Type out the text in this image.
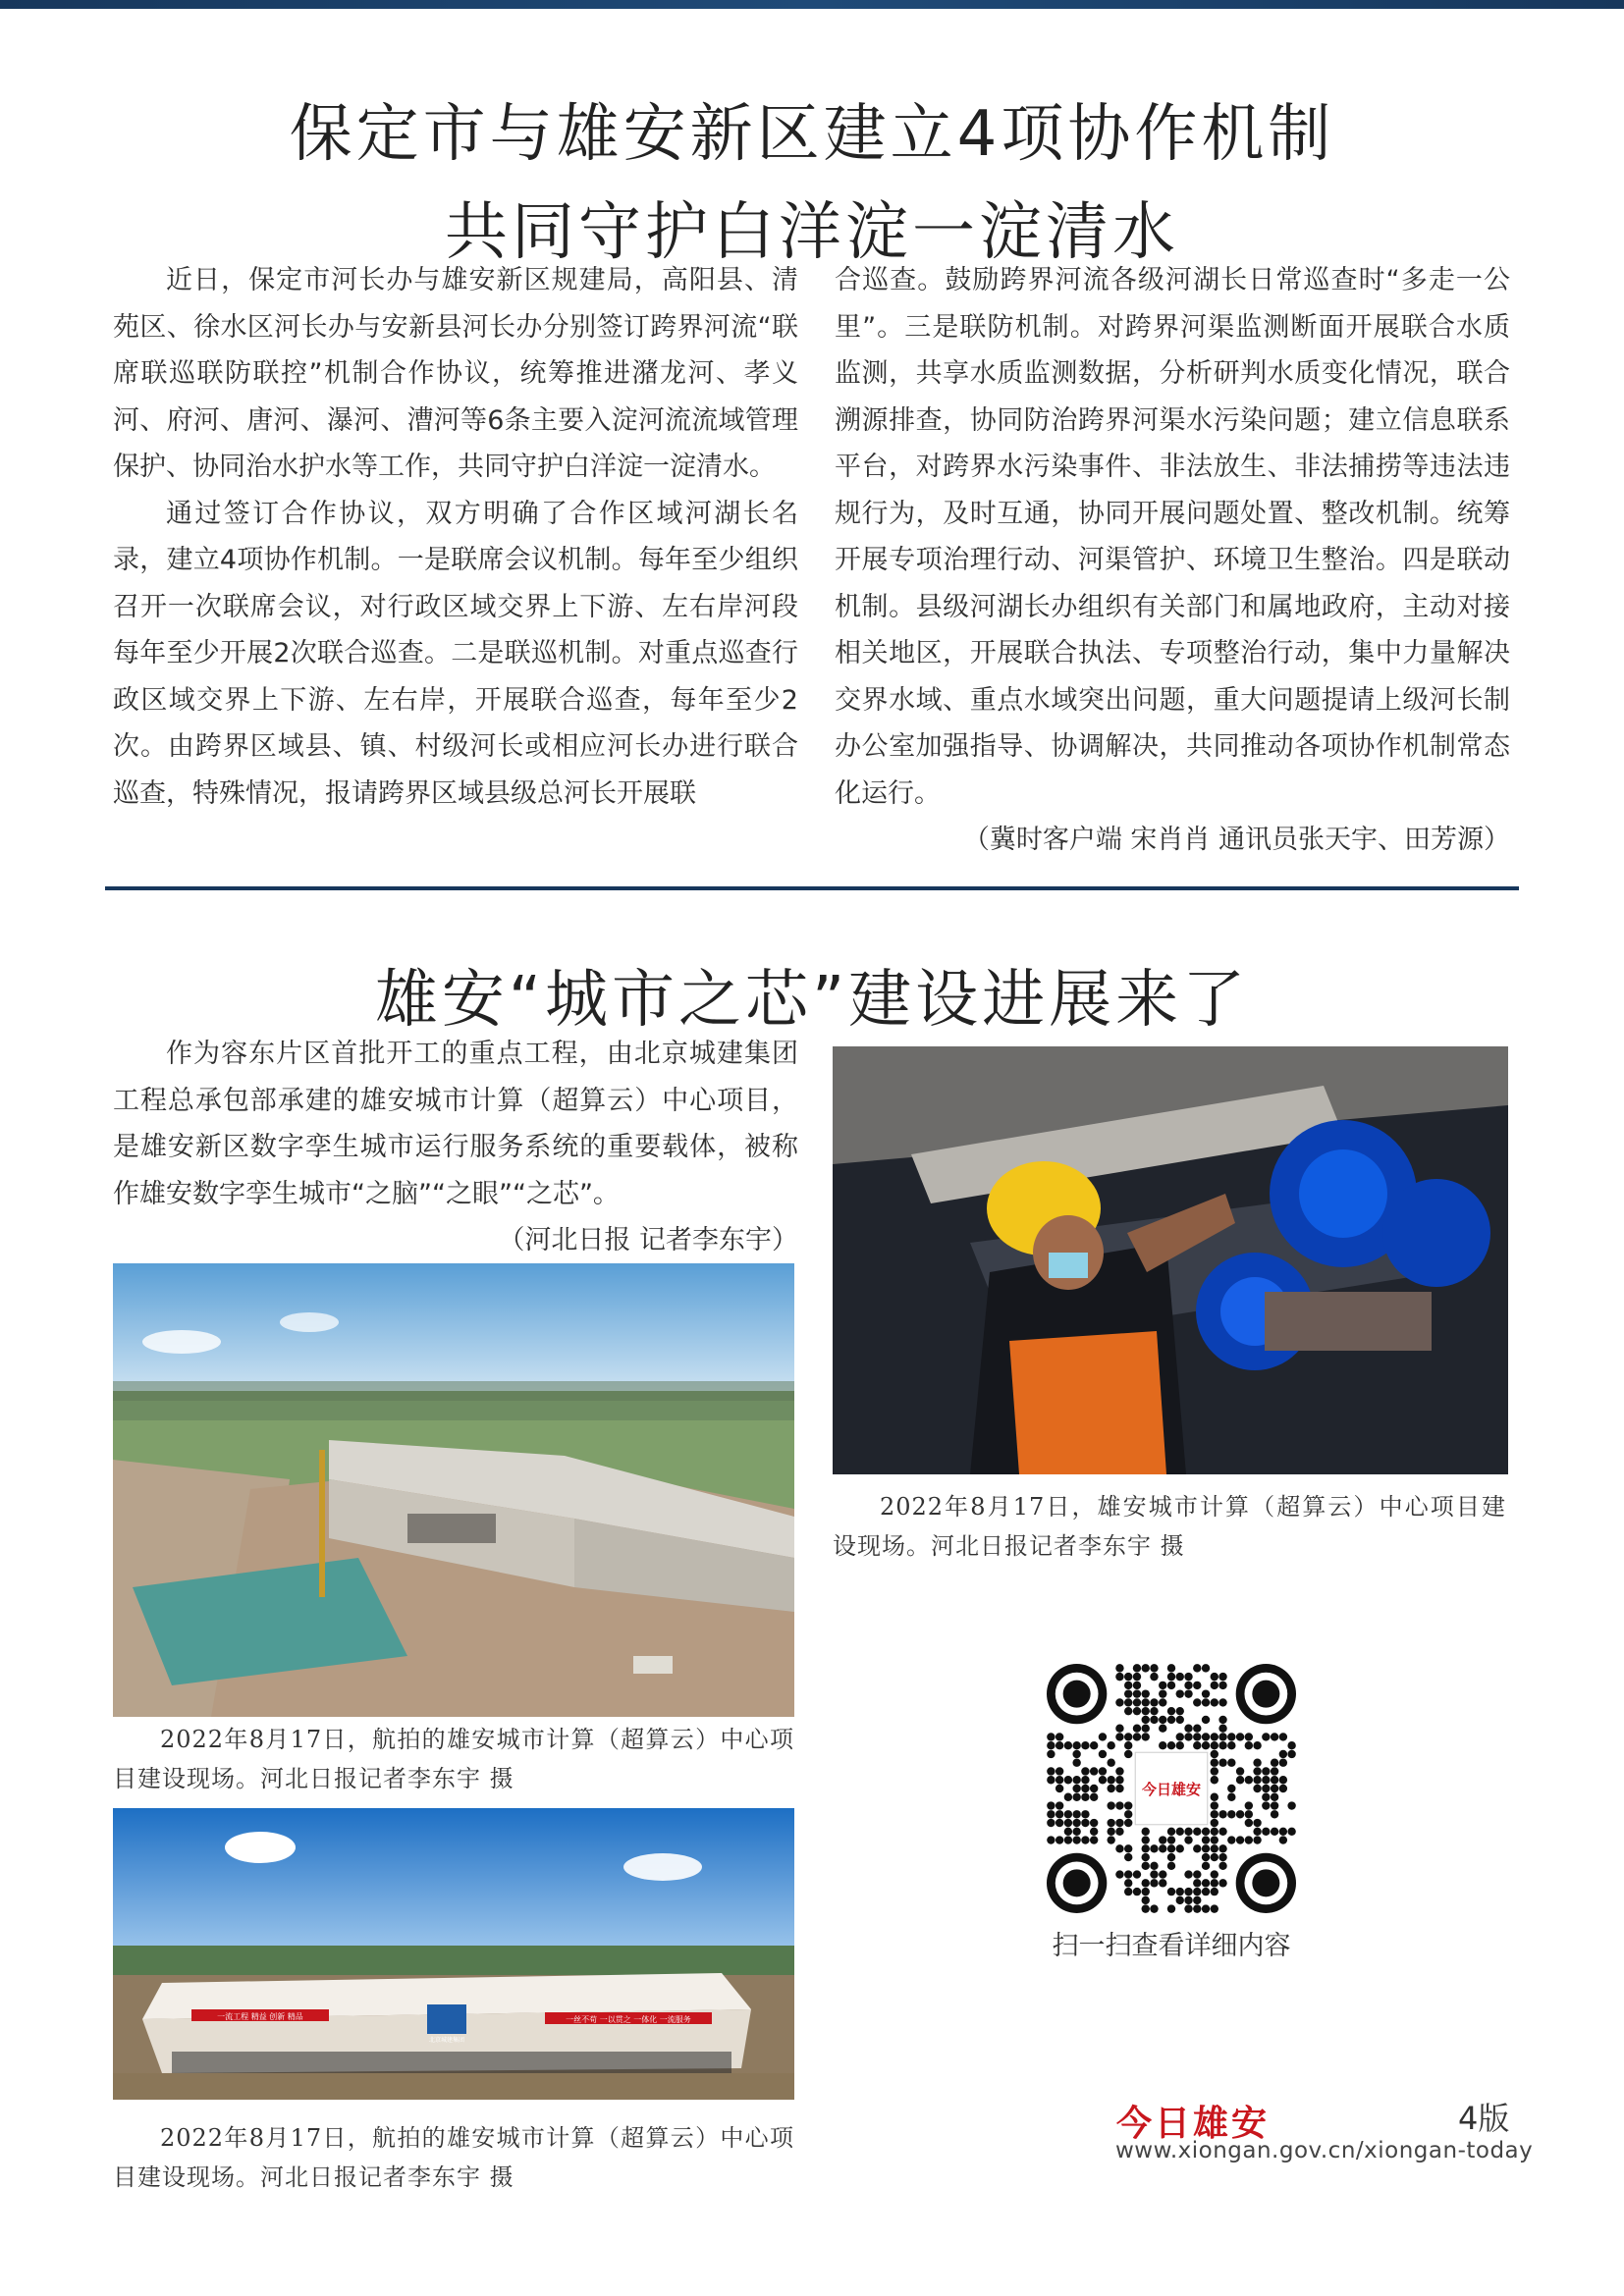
保定市与雄安新区建立4项协作机制
共同守护白洋淀一淀清水

近日，保定市河长办与雄安新区规建局，高阳县、清苑区、徐水区河长办与安新县河长办分别签订跨界河流“联席联巡联防联控”机制合作协议，统筹推进潴龙河、孝义河、府河、唐河、瀑河、漕河等6条主要入淀河流流域管理保护、协同治水护水等工作，共同守护白洋淀一淀清水。

通过签订合作协议，双方明确了合作区域河湖长名录，建立4项协作机制。一是联席会议机制。每年至少组织召开一次联席会议，对行政区域交界上下游、左右岸河段每年至少开展2次联合巡查。二是联巡机制。对重点巡查行政区域交界上下游、左右岸，开展联合巡查，每年至少2次。由跨界区域县、镇、村级河长或相应河长办进行联合巡查，特殊情况，报请跨界区域县级总河长开展联

合巡查。鼓励跨界河流各级河湖长日常巡查时“多走一公里”。三是联防机制。对跨界河渠监测断面开展联合水质监测，共享水质监测数据，分析研判水质变化情况，联合溯源排查，协同防治跨界河渠水污染问题；建立信息联系平台，对跨界水污染事件、非法放生、非法捕捞等违法违规行为，及时互通，协同开展问题处置、整改机制。统筹开展专项治理行动、河渠管护、环境卫生整治。四是联动机制。县级河湖长办组织有关部门和属地政府，主动对接相关地区，开展联合执法、专项整治行动，集中力量解决交界水域、重点水域突出问题，重大问题提请上级河长制办公室加强指导、协调解决，共同推动各项协作机制常态化运行。

（冀时客户端 宋肖肖 通讯员张天宇、田芳源）
雄安“城市之芯”建设进展来了

作为容东片区首批开工的重点工程，由北京城建集团工程总承包部承建的雄安城市计算（超算云）中心项目，是雄安新区数字孪生城市运行服务系统的重要载体，被称作雄安数字孪生城市“之脑”“之眼”“之芯”。

（河北日报 记者李东宇）
2022年8月17日，航拍的雄安城市计算（超算云）中心项目建设现场。河北日报记者李东宇 摄
一流工程 精益 创新 精品	一丝不苟 一以贯之 一体化 一流服务
北京城建集团
2022年8月17日，航拍的雄安城市计算（超算云）中心项目建设现场。河北日报记者李东宇 摄
2022年8月17日，雄安城市计算（超算云）中心项目建设现场。河北日报记者李东宇 摄
今日雄安
扫一扫查看详细内容
今日雄安	4版
www.xiongan.gov.cn/xiongan-today
